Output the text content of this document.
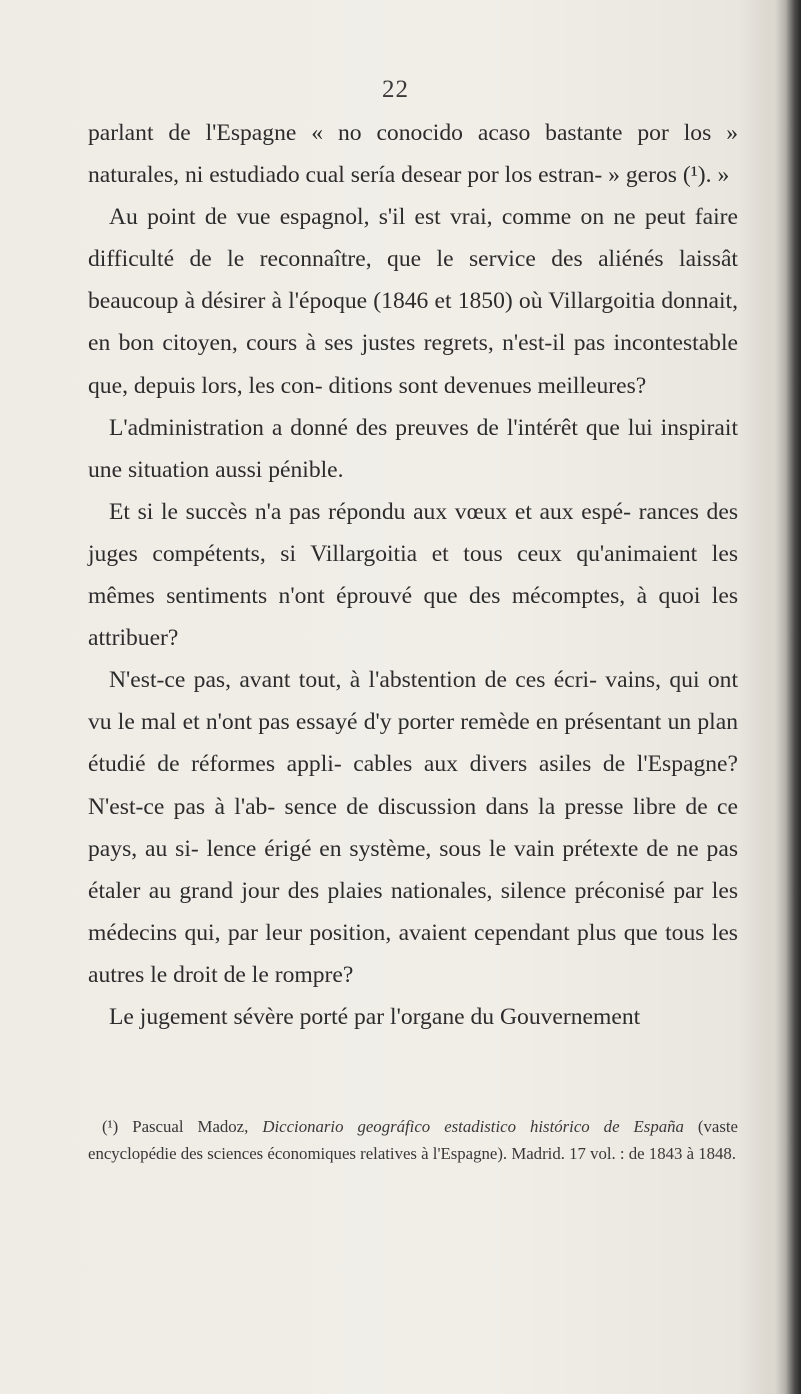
22

parlant de l'Espagne « no conocido acaso bastante por los » naturales, ni estudiado cual sería desear por los estran- » geros (¹). »

Au point de vue espagnol, s'il est vrai, comme on ne peut faire difficulté de le reconnaître, que le service des aliénés laissât beaucoup à désirer à l'époque (1846 et 1850) où Villargoitia donnait, en bon citoyen, cours à ses justes regrets, n'est-il pas incontestable que, depuis lors, les con- ditions sont devenues meilleures?

L'administration a donné des preuves de l'intérêt que lui inspirait une situation aussi pénible.

Et si le succès n'a pas répondu aux vœux et aux espé- rances des juges compétents, si Villargoitia et tous ceux qu'animaient les mêmes sentiments n'ont éprouvé que des mécomptes, à quoi les attribuer?

N'est-ce pas, avant tout, à l'abstention de ces écri- vains, qui ont vu le mal et n'ont pas essayé d'y porter remède en présentant un plan étudié de réformes appli- cables aux divers asiles de l'Espagne? N'est-ce pas à l'ab- sence de discussion dans la presse libre de ce pays, au si- lence érigé en système, sous le vain prétexte de ne pas étaler au grand jour des plaies nationales, silence préconisé par les médecins qui, par leur position, avaient cependant plus que tous les autres le droit de le rompre?

Le jugement sévère porté par l'organe du Gouvernement

(¹) Pascual Madoz, Diccionario geográfico estadistico histórico de España (vaste encyclopédie des sciences économiques relatives à l'Espagne). Madrid. 17 vol. : de 1843 à 1848.
